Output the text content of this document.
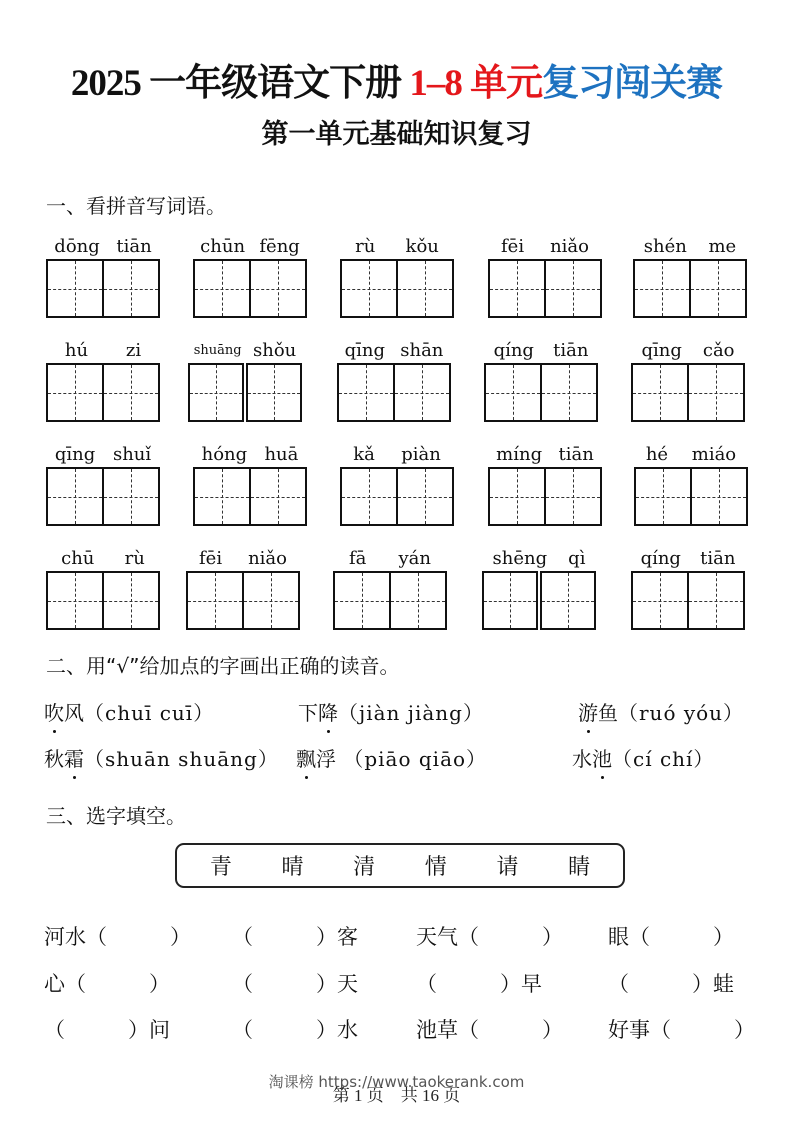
2025 一年级语文下册 1–8 单元复习闯关赛
第一单元基础知识复习
一、看拼音写词语。
dōng tiān	chūn fēng	rù kǒu	fēi niǎo	shén me
hú zi	shuāng shǒu	qīng shān	qíng tiān	qīng cǎo
qīng shuǐ	hóng huā	kǎ piàn	míng tiān	hé miáo
chū rù	fēi niǎo	fā yán	shēng qì	qíng tiān
二、用“√”给加点的字画出正确的读音。
吹风（chuī cuī）	下降（jiàn jiàng）	游鱼（ruó yóu）
秋霜（shuān shuāng） 飘浮 （piāo qiāo）	水池（cí chí）
三、选字填空。
青 晴 清 情 请 睛
河水（　　　） （　　　）客	天气（　　　） 眼（　　　）
心（　　　）	（　　　）天	（　　　）早	（　　　）蛙
（　　　）问	（　　　）水	池草（　　　） 好事（　　　）
淘课榜 https://www.taokerank.com
第 1 页　共 16 页
